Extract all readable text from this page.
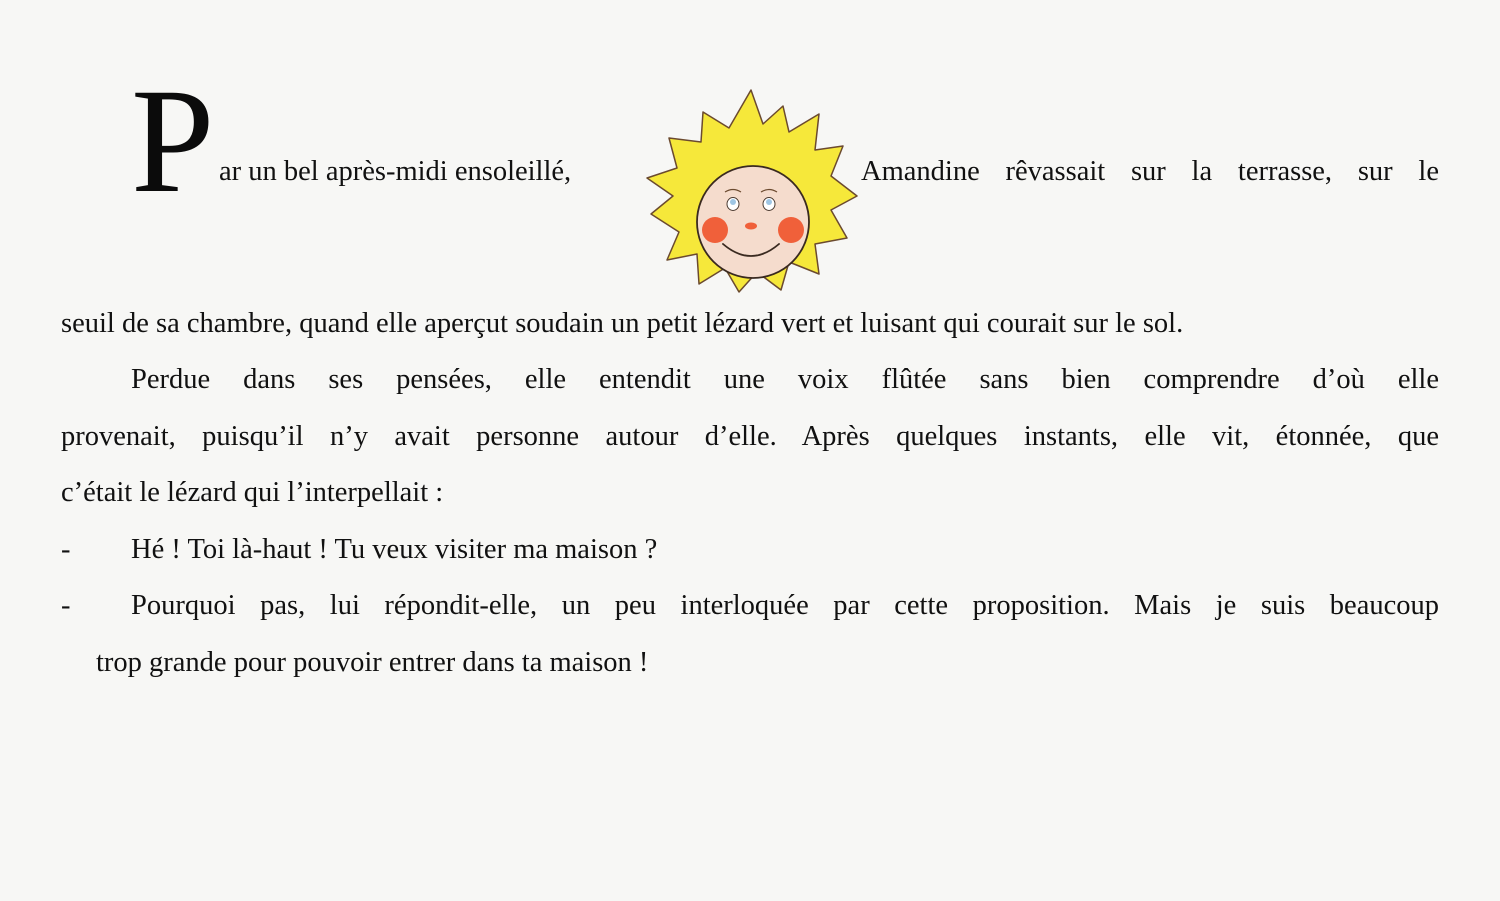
P ar un bel après-midi ensoleillé,	Amandine rêvassait sur la terrasse, sur le
seuil de sa chambre, quand elle aperçut soudain un petit lézard vert et luisant qui courait sur le sol.
Perdue dans ses pensées, elle entendit une voix flûtée sans bien comprendre d’où elle
provenait, puisqu’il n’y avait personne autour d’elle. Après quelques instants, elle vit, étonnée, que
c’était le lézard qui l’interpellait :
- Hé ! Toi là-haut ! Tu veux visiter ma maison ?
- Pourquoi pas, lui répondit-elle, un peu interloquée par cette proposition. Mais je suis beaucoup
trop grande pour pouvoir entrer dans ta maison !
